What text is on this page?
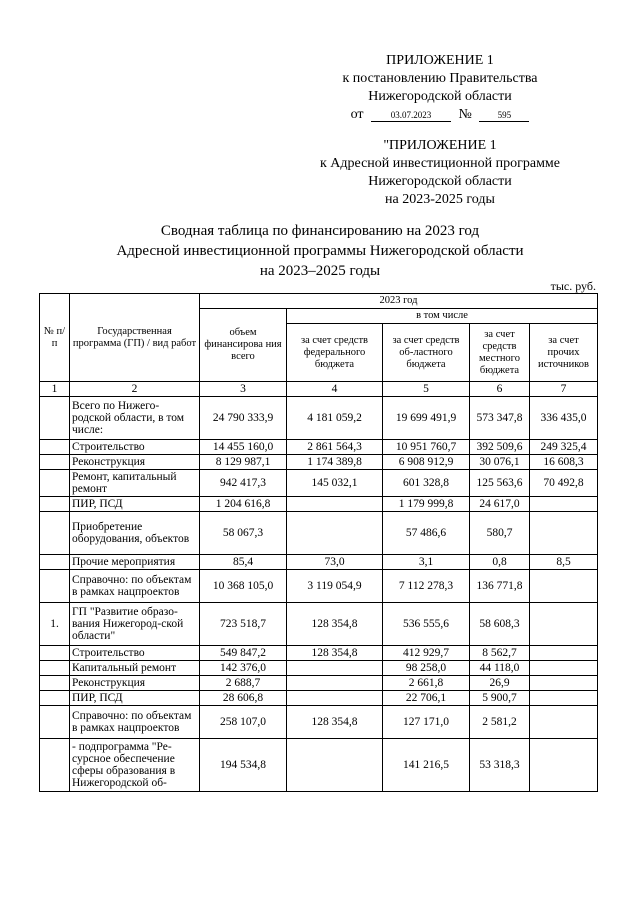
ПРИЛОЖЕНИЕ 1
к постановлению Правительства
Нижегородской области
от	03.07.2023 №	595
"ПРИЛОЖЕНИЕ 1
к Адресной инвестиционной программе
Нижегородской области
на 2023-2025 годы
Сводная таблица по финансированию на 2023 год
Адресной инвестиционной программы Нижегородской области
на 2023–2025 годы
тыс. руб.
№ п/п	Государственная программа (ГП) / вид работ	2023 год				
		объем финансирова ния всего	в том числе			
			за счет средств федерального бюджета	за счет средств об-ластного бюджета	за счет средств местного бюджета	за счет прочих источников
1	2	3	4	5	6	7
	Всего по Нижего-родской области, в том числе:	24 790 333,9	4 181 059,2	19 699 491,9	573 347,8	336 435,0
	Строительство	14 455 160,0	2 861 564,3	10 951 760,7	392 509,6	249 325,4
	Реконструкция	8 129 987,1	1 174 389,8	6 908 912,9	30 076,1	16 608,3
	Ремонт, капитальный ремонт	942 417,3	145 032,1	601 328,8	125 563,6	70 492,8
	ПИР, ПСД	1 204 616,8		1 179 999,8	24 617,0	
	Приобретение оборудования, объектов	58 067,3		57 486,6	580,7	
	Прочие мероприятия	85,4	73,0	3,1	0,8	8,5
	Справочно: по объектам в рамках нацпроектов	10 368 105,0	3 119 054,9	7 112 278,3	136 771,8	
1.	ГП "Развитие образо-вания Нижегород-ской области"	723 518,7	128 354,8	536 555,6	58 608,3	
	Строительство	549 847,2	128 354,8	412 929,7	8 562,7	
	Капитальный ремонт	142 376,0		98 258,0	44 118,0	
	Реконструкция	2 688,7		2 661,8	26,9	
	ПИР, ПСД	28 606,8		22 706,1	5 900,7	
	Справочно: по объектам в рамках нацпроектов	258 107,0	128 354,8	127 171,0	2 581,2	
	- подпрограмма "Ре-сурсное обеспечение сферы образования в Нижегородской об-	194 534,8		141 216,5	53 318,3	
